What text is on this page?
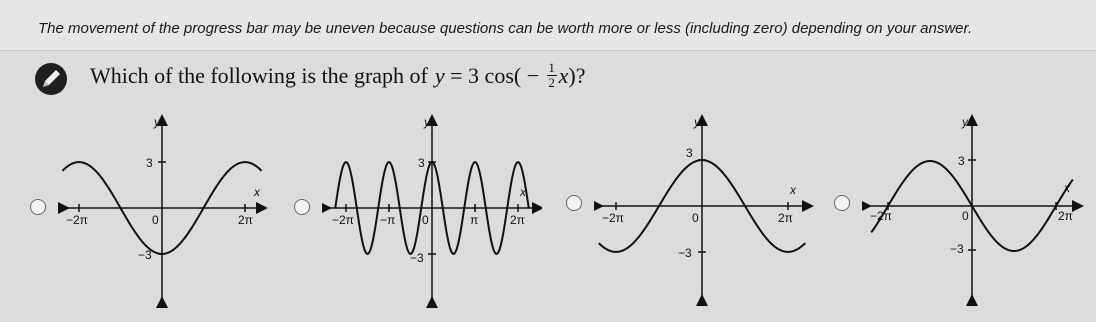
The movement of the progress bar may be uneven because questions can be worth more or less (including zero) depending on your answer.
Which of the following is the graph of y = 3 $\cos( - \frac{1}{2}$ x )?
y
x
3
−3
−2π	0	2π
y
x
3
−3
−2π −π 0	π	2π
y
x
3
−3
−2π	0	2π
y
x
3
−3
−2π	0	2π
